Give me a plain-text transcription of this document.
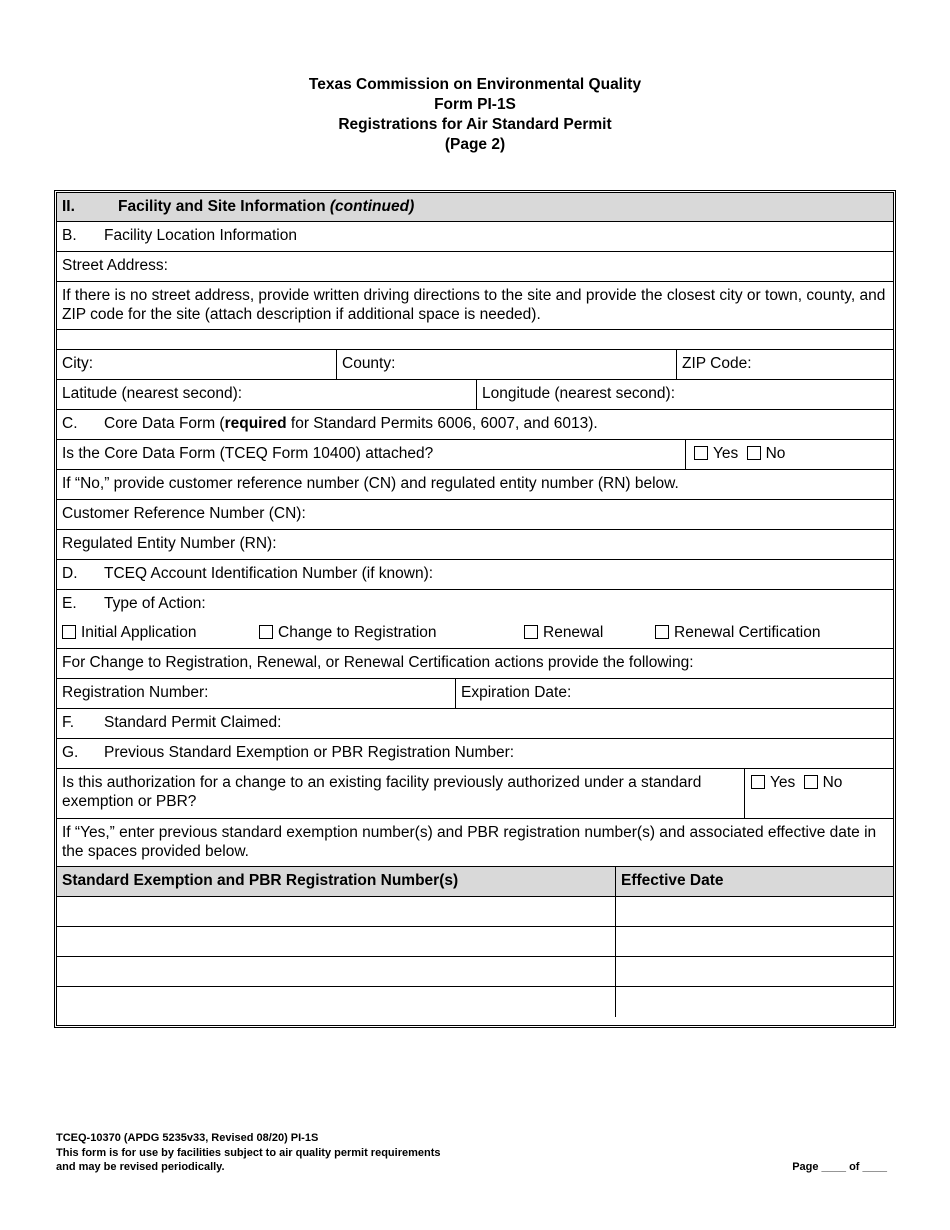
Texas Commission on Environmental Quality
Form PI-1S
Registrations for Air Standard Permit
(Page 2)
II.	Facility and Site Information (continued)
B. Facility Location Information
Street Address:
If there is no street address, provide written driving directions to the site and provide the closest city or town, county, and ZIP code for the site (attach description if additional space is needed).
City:	County:	ZIP Code:
Latitude (nearest second):	Longitude (nearest second):
C. Core Data Form (required for Standard Permits 6006, 6007, and 6013).
Is the Core Data Form (TCEQ Form 10400) attached?	Yes No
If “No,” provide customer reference number (CN) and regulated entity number (RN) below.
Customer Reference Number (CN):
Regulated Entity Number (RN):
D. TCEQ Account Identification Number (if known):
E. Type of Action:
Initial Application	Change to Registration	Renewal	Renewal Certification
For Change to Registration, Renewal, or Renewal Certification actions provide the following:
Registration Number:	Expiration Date:
F. Standard Permit Claimed:
G. Previous Standard Exemption or PBR Registration Number:
Is this authorization for a change to an existing facility previously authorized under a standard exemption or PBR?
Yes No
If “Yes,” enter previous standard exemption number(s) and PBR registration number(s) and associated effective date in the spaces provided below.
Standard Exemption and PBR Registration Number(s)	Effective Date
TCEQ-10370 (APDG 5235v33, Revised 08/20) PI-1S
This form is for use by facilities subject to air quality permit requirements
and may be revised periodically.	Page ____ of ____
